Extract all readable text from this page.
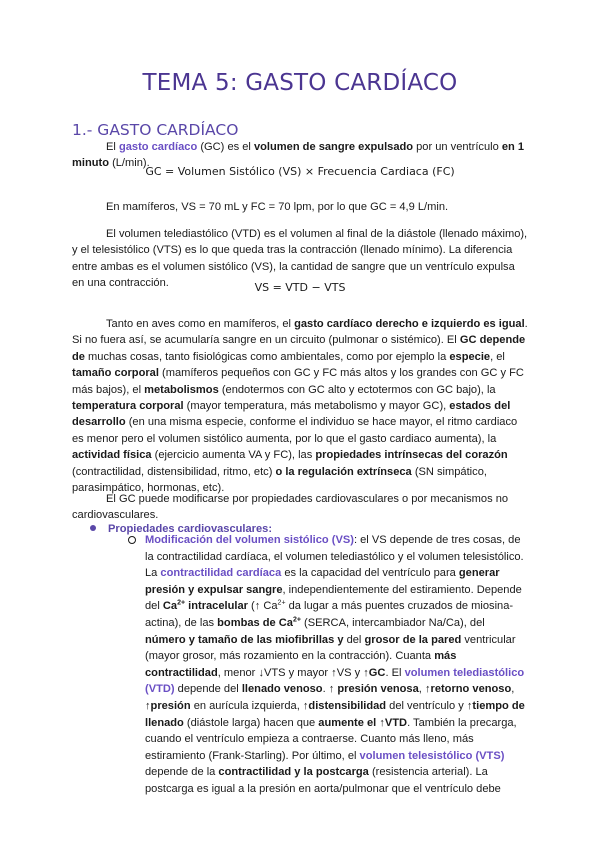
TEMA 5: GASTO CARDÍACO
1.- GASTO CARDÍACO

El gasto cardíaco (GC) es el volumen de sangre expulsado por un ventrículo en 1 minuto (L/min).

GC = Volumen Sistólico (VS) × Frecuencia Cardiaca (FC)

En mamíferos, VS = 70 mL y FC = 70 lpm, por lo que GC = 4,9 L/min.

El volumen telediastólico (VTD) es el volumen al final de la diástole (llenado máximo), y el telesistólico (VTS) es lo que queda tras la contracción (llenado mínimo). La diferencia entre ambas es el volumen sistólico (VS), la cantidad de sangre que un ventrículo expulsa en una contracción.	VS = VTD − VTS

Tanto en aves como en mamíferos, el gasto cardíaco derecho e izquierdo es igual. Si no fuera así, se acumularía sangre en un circuito (pulmonar o sistémico). El GC depende de muchas cosas, tanto fisiológicas como ambientales, como por ejemplo la especie, el tamaño corporal (mamíferos pequeños con GC y FC más altos y los grandes con GC y FC más bajos), el metabolismos (endotermos con GC alto y ectotermos con GC bajo), la temperatura corporal (mayor temperatura, más metabolismo y mayor GC), estados del desarrollo (en una misma especie, conforme el individuo se hace mayor, el ritmo cardiaco es menor pero el volumen sistólico aumenta, por lo que el gasto cardiaco aumenta), la actividad física (ejercicio aumenta VA y FC), las propiedades intrínsecas del corazón (contractilidad, distensibilidad, ritmo, etc) o la regulación extrínseca (SN simpático, parasimpático, hormonas, etc).

El GC puede modificarse por propiedades cardiovasculares o por mecanismos no cardiovasculares.

Propiedades cardiovasculares:

Modificación del volumen sistólico (VS): el VS depende de tres cosas, de la contractilidad cardíaca, el volumen telediastólico y el volumen telesistólico. La contractilidad cardíaca es la capacidad del ventrículo para generar presión y expulsar sangre, independientemente del estiramiento. Depende del $Ca^{2+}$ intracelular (↑ $Ca^{2+}$ da lugar a más puentes cruzados de miosina-actina), de las bombas de $Ca^{2+}$ (SERCA, intercambiador Na/Ca), del número y tamaño de las miofibrillas y del grosor de la pared ventricular (mayor grosor, más rozamiento en la contracción). Cuanta más contractilidad, menor ↓VTS y mayor ↑VS y ↑GC. El volumen telediastólico (VTD) depende del llenado venoso. ↑ presión venosa, ↑retorno venoso, ↑presión en aurícula izquierda, ↑distensibilidad del ventrículo y ↑tiempo de llenado (diástole larga) hacen que aumente el ↑VTD. También la precarga, cuando el ventrículo empieza a contraerse. Cuanto más lleno, más estiramiento (Frank-Starling). Por último, el volumen telesistólico (VTS) depende de la contractilidad y la postcarga (resistencia arterial). La postcarga es igual a la presión en aorta/pulmonar que el ventrículo debe
